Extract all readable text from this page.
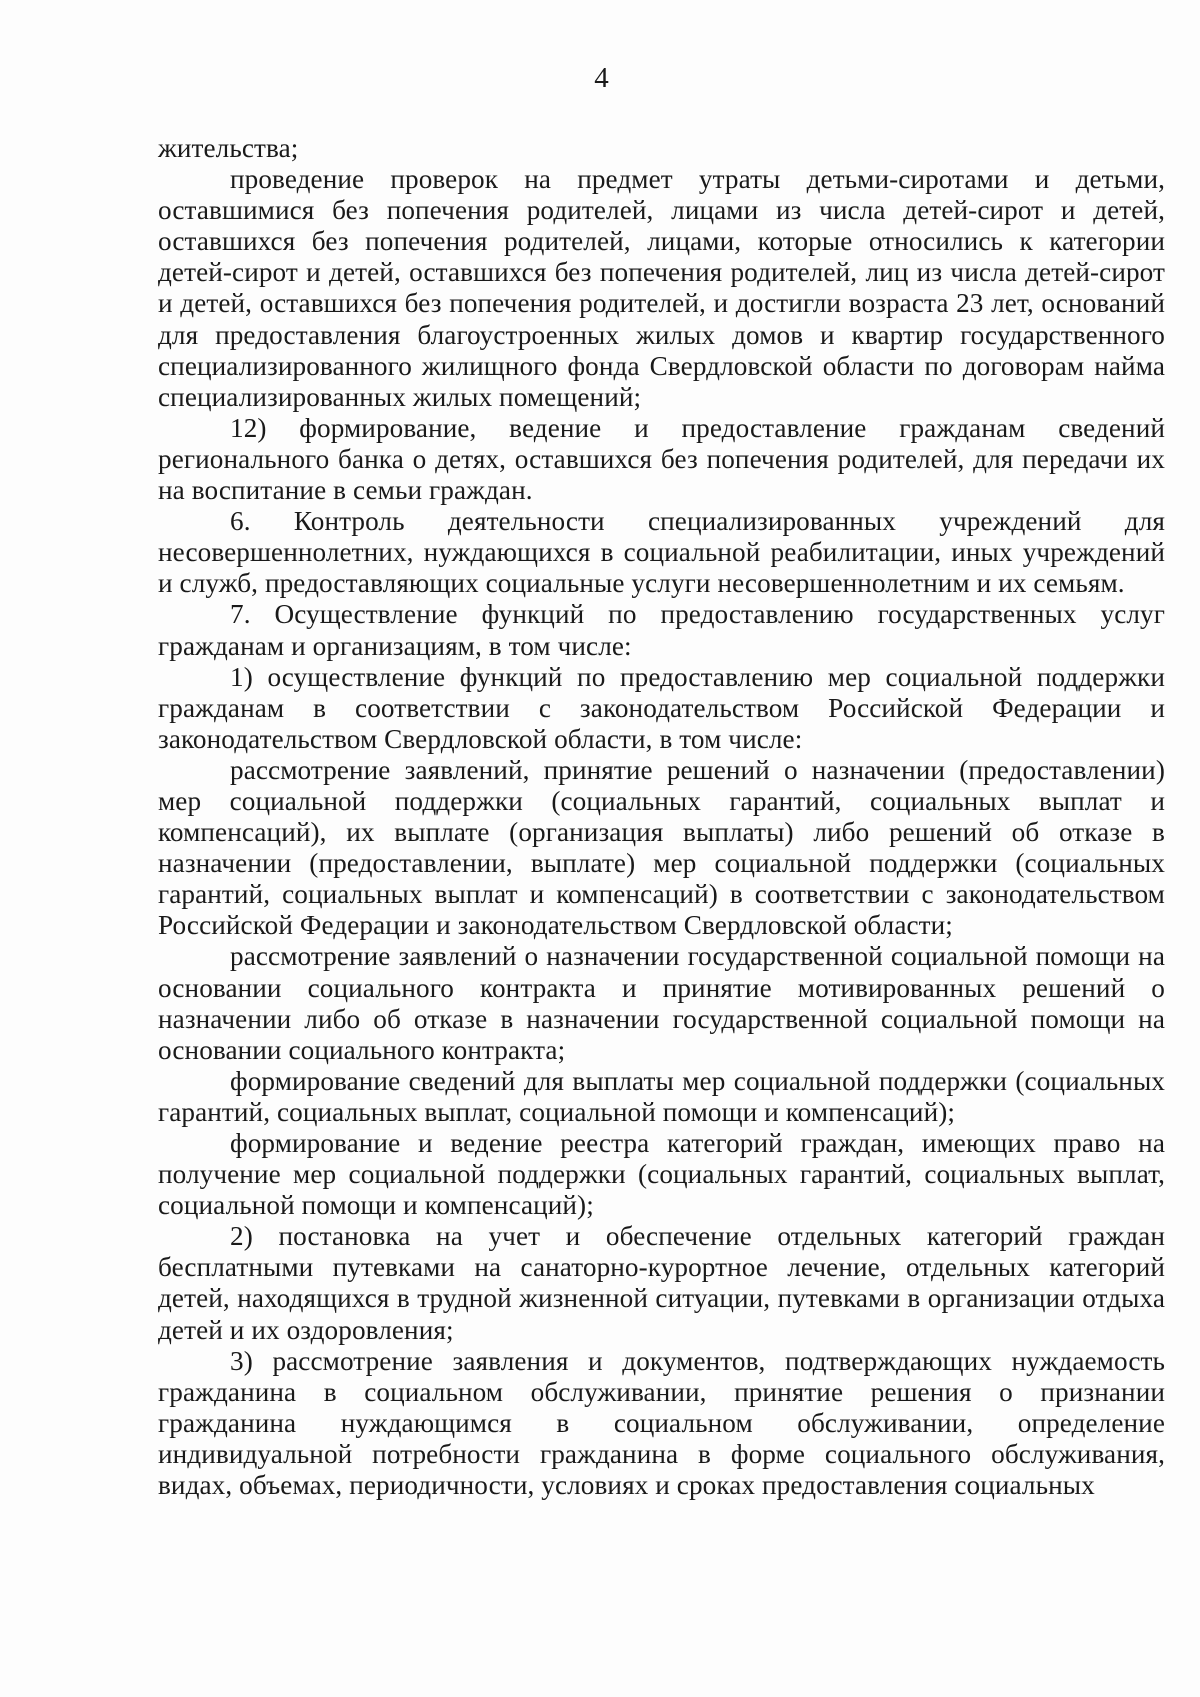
4

жительства;

проведение проверок на предмет утраты детьми-сиротами и детьми, оставшимися без попечения родителей, лицами из числа детей-сирот и детей, оставшихся без попечения родителей, лицами, которые относились к категории детей-сирот и детей, оставшихся без попечения родителей, лиц из числа детей-сирот и детей, оставшихся без попечения родителей, и достигли возраста 23 лет, оснований для предоставления благоустроенных жилых домов и квартир государственного специализированного жилищного фонда Свердловской области по договорам найма специализированных жилых помещений;

12) формирование, ведение и предоставление гражданам сведений регионального банка о детях, оставшихся без попечения родителей, для передачи их на воспитание в семьи граждан.

6. Контроль деятельности специализированных учреждений для несовершеннолетних, нуждающихся в социальной реабилитации, иных учреждений и служб, предоставляющих социальные услуги несовершеннолетним и их семьям.

7. Осуществление функций по предоставлению государственных услуг гражданам и организациям, в том числе:

1) осуществление функций по предоставлению мер социальной поддержки гражданам в соответствии с законодательством Российской Федерации и законодательством Свердловской области, в том числе:

рассмотрение заявлений, принятие решений о назначении (предоставлении) мер социальной поддержки (социальных гарантий, социальных выплат и компенсаций), их выплате (организация выплаты) либо решений об отказе в назначении (предоставлении, выплате) мер социальной поддержки (социальных гарантий, социальных выплат и компенсаций) в соответствии с законодательством Российской Федерации и законодательством Свердловской области;

рассмотрение заявлений о назначении государственной социальной помощи на основании социального контракта и принятие мотивированных решений о назначении либо об отказе в назначении государственной социальной помощи на основании социального контракта;

формирование сведений для выплаты мер социальной поддержки (социальных гарантий, социальных выплат, социальной помощи и компенсаций);

формирование и ведение реестра категорий граждан, имеющих право на получение мер социальной поддержки (социальных гарантий, социальных выплат, социальной помощи и компенсаций);

2) постановка на учет и обеспечение отдельных категорий граждан бесплатными путевками на санаторно-курортное лечение, отдельных категорий детей, находящихся в трудной жизненной ситуации, путевками в организации отдыха детей и их оздоровления;

3) рассмотрение заявления и документов, подтверждающих нуждаемость гражданина в социальном обслуживании, принятие решения о признании гражданина нуждающимся в социальном обслуживании, определение индивидуальной потребности гражданина в форме социального обслуживания, видах, объемах, периодичности, условиях и сроках предоставления социальных
